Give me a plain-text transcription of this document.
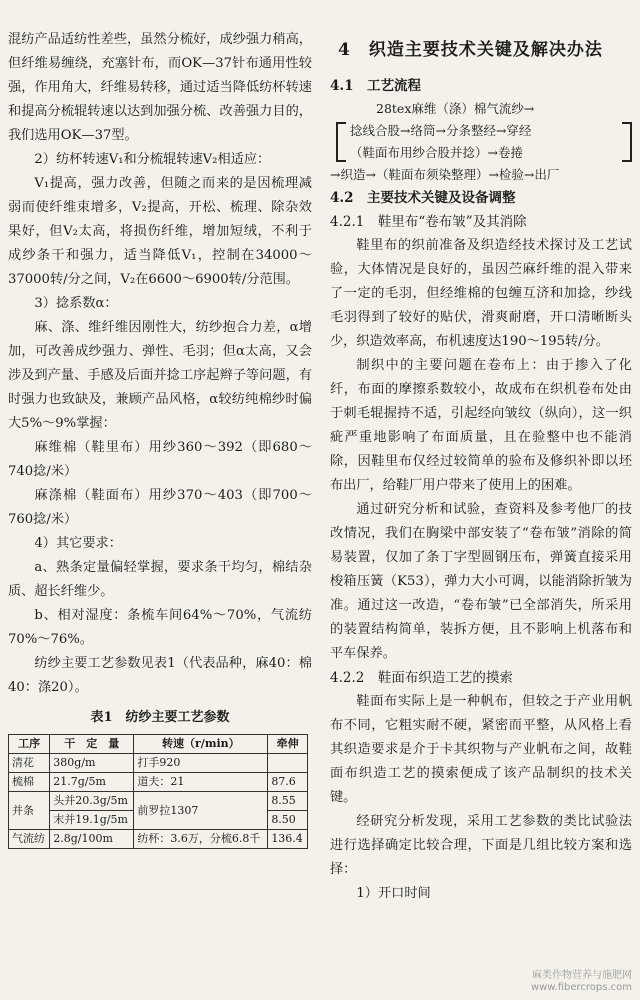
混纺产品适纺性差些，虽然分梳好，成纱强力稍高，但纤维易缠绕，充塞针布，而OK—37针布通用性较强，作用角大，纤维易转移，通过适当降低纺杯转速和提高分梳辊转速以达到加强分梳、改善强力目的，我们选用OK—37型。

2）纺杯转速V₁和分梳辊转速V₂相适应：

V₁提高，强力改善，但随之而来的是因梳理减弱而使纤维束增多，V₂提高，开松、梳理、除杂效果好，但V₂太高，将损伤纤维，增加短绒，不利于成纱条干和强力，适当降低V₁，控制在34000～37000转/分之间，V₂在6600～6900转/分范围。

3）捻系数α：

麻、涤、维纤维因刚性大，纺纱抱合力差，α增加，可改善成纱强力、弹性、毛羽；但α太高，又会涉及到产量、手感及后面并捻工序起辫子等问题，有时强力也致缺及，兼顾产品风格，α较纺纯棉纱时偏大5%～9%掌握：

麻维棉（鞋里布）用纱360～392（即680～740捻/米）

麻涤棉（鞋面布）用纱370～403（即700～760捻/米）

4）其它要求：

a、熟条定量偏轻掌握，要求条干均匀，棉结杂质、超长纤维少。

b、相对湿度：条梳车间64%～70%，气流纺70%～76%。

纺纱主要工艺参数见表1（代表品种，麻40：棉40：涤20）。

表1　纺纱主要工艺参数
工序	干　定　量	转速（r/min）	牵伸
清花	380g/m	打手920	
梳棉	21.7g/5m	道夫：21	87.6
并条	头并20.3g/5m	前罗拉1307	8.55
	末并19.1g/5m		8.50
气流纺	2.8g/100m	纺杯：3.6万，分梳6.8千	136.4
4　织造主要技术关键及解决办法
4.1　工艺流程
28tex麻维（涤）棉气流纱→
捻线合股→络筒→分条整经→穿经
（鞋面布用纱合股并捻）→卷捲
→织造→（鞋面布须染整理）→检验→出厂
4.2　主要技术关键及设备调整
4.2.1　鞋里布“卷布皱”及其消除

鞋里布的织前准备及织造经技术探讨及工艺试验，大体情况是良好的，虽因苎麻纤维的混入带来了一定的毛羽，但经维棉的包缠互济和加捻，纱线毛羽得到了较好的贴伏，滑爽耐磨，开口清晰断头少，织造效率高，布机速度达190～195转/分。

制织中的主要问题在卷布上：由于掺入了化纤，布面的摩擦系数较小，故成布在织机卷布处由于刺毛辊握持不适，引起经向皱纹（纵向），这一织疵严重地影响了布面质量，且在验整中也不能消除，因鞋里布仅经过较简单的验布及修织补即以坯布出厂，给鞋厂用户带来了使用上的困难。

通过研究分析和试验，查资料及参考他厂的技改情况，我们在胸梁中部安装了“卷布皱”消除的简易装置，仅加了条丁字型圆钢压布，弹簧直接采用梭箱压簧（K53），弹力大小可调，以能消除折皱为准。通过这一改造，“卷布皱”已全部消失，所采用的装置结构简单，装拆方便，且不影响上机落布和平车保养。

4.2.2　鞋面布织造工艺的摸索

鞋面布实际上是一种帆布，但较之于产业用帆布不同，它粗实耐不硬，紧密而平整，从风格上看其织造要求是介于卡其织物与产业帆布之间，故鞋面布织造工艺的摸索便成了该产品制织的技术关键。

经研究分析发现，采用工艺参数的类比试验法进行选择确定比较合理，下面是几组比较方案和选择：

1）开口时间

麻类作物营养与施肥网
www.fibercrops.com
